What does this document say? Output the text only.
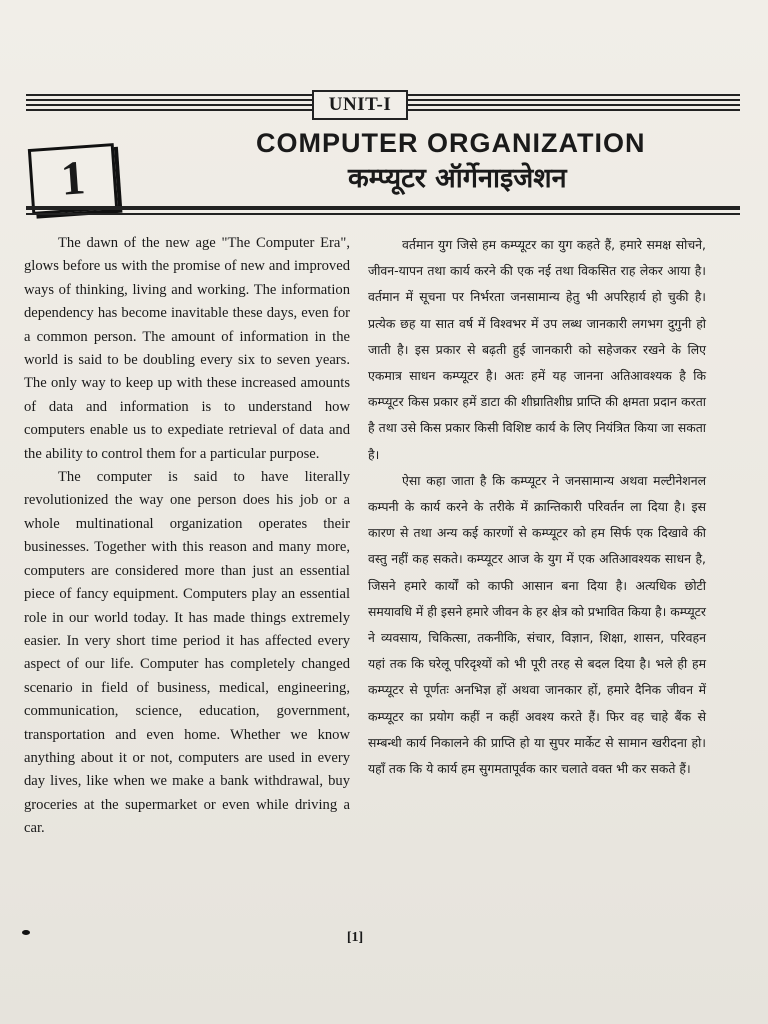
UNIT-I
1
COMPUTER ORGANIZATION
कम्प्यूटर ऑर्गेनाइजेशन

The dawn of the new age "The Computer Era", glows before us with the promise of new and improved ways of thinking, living and working. The information dependency has become inavitable these days, even for a common person. The amount of information in the world is said to be doubling every six to seven years. The only way to keep up with these increased amounts of data and information is to understand how computers enable us to expediate retrieval of data and the ability to control them for a particular purpose.

The computer is said to have literally revolutionized the way one person does his job or a whole multinational organization operates their businesses. Together with this reason and many more, computers are considered more than just an essential piece of fancy equipment. Computers play an essential role in our world today. It has made things extremely easier. In very short time period it has affected every aspect of our life. Computer has completely changed scenario in field of business, medical, engineering, communication, science, education, government, transportation and even home. Whether we know anything about it or not, computers are used in every day lives, like when we make a bank withdrawal, buy groceries at the supermarket or even while driving a car.

वर्तमान युग जिसे हम कम्प्यूटर का युग कहते हैं, हमारे समक्ष सोचने, जीवन-यापन तथा कार्य करने की एक नई तथा विकसित राह लेकर आया है। वर्तमान में सूचना पर निर्भरता जनसामान्य हेतु भी अपरिहार्य हो चुकी है। प्रत्येक छह या सात वर्ष में विश्वभर में उप लब्ध जानकारी लगभग दुगुनी हो जाती है। इस प्रकार से बढ़ती हुई जानकारी को सहेजकर रखने के लिए एकमात्र साधन कम्प्यूटर है। अतः हमें यह जानना अतिआवश्यक है कि कम्प्यूटर किस प्रकार हमें डाटा की शीघ्रातिशीघ्र प्राप्ति की क्षमता प्रदान करता है तथा उसे किस प्रकार किसी विशिष्ट कार्य के लिए नियंत्रित किया जा सकता है।

ऐसा कहा जाता है कि कम्प्यूटर ने जनसामान्य अथवा मल्टीनेशनल कम्पनी के कार्य करने के तरीके में क्रान्तिकारी परिवर्तन ला दिया है। इस कारण से तथा अन्य कई कारणों से कम्प्यूटर को हम सिर्फ एक दिखावे की वस्तु नहीं कह सकते। कम्प्यूटर आज के युग में एक अतिआवश्यक साधन है, जिसने हमारे कार्यों को काफी आसान बना दिया है। अत्यधिक छोटी समयावधि में ही इसने हमारे जीवन के हर क्षेत्र को प्रभावित किया है। कम्प्यूटर ने व्यवसाय, चिकित्सा, तकनीकि, संचार, विज्ञान, शिक्षा, शासन, परिवहन यहां तक कि घरेलू परिदृश्यों को भी पूरी तरह से बदल दिया है। भले ही हम कम्प्यूटर से पूर्णतः अनभिज्ञ हों अथवा जानकार हों, हमारे दैनिक जीवन में कम्प्यूटर का प्रयोग कहीं न कहीं अवश्य करते हैं। फिर वह चाहे बैंक से सम्बन्धी कार्य निकालने की प्राप्ति हो या सुपर मार्केट से सामान खरीदना हो। यहाँ तक कि ये कार्य हम सुगमतापूर्वक कार चलाते वक्त भी कर सकते हैं।

[1]
